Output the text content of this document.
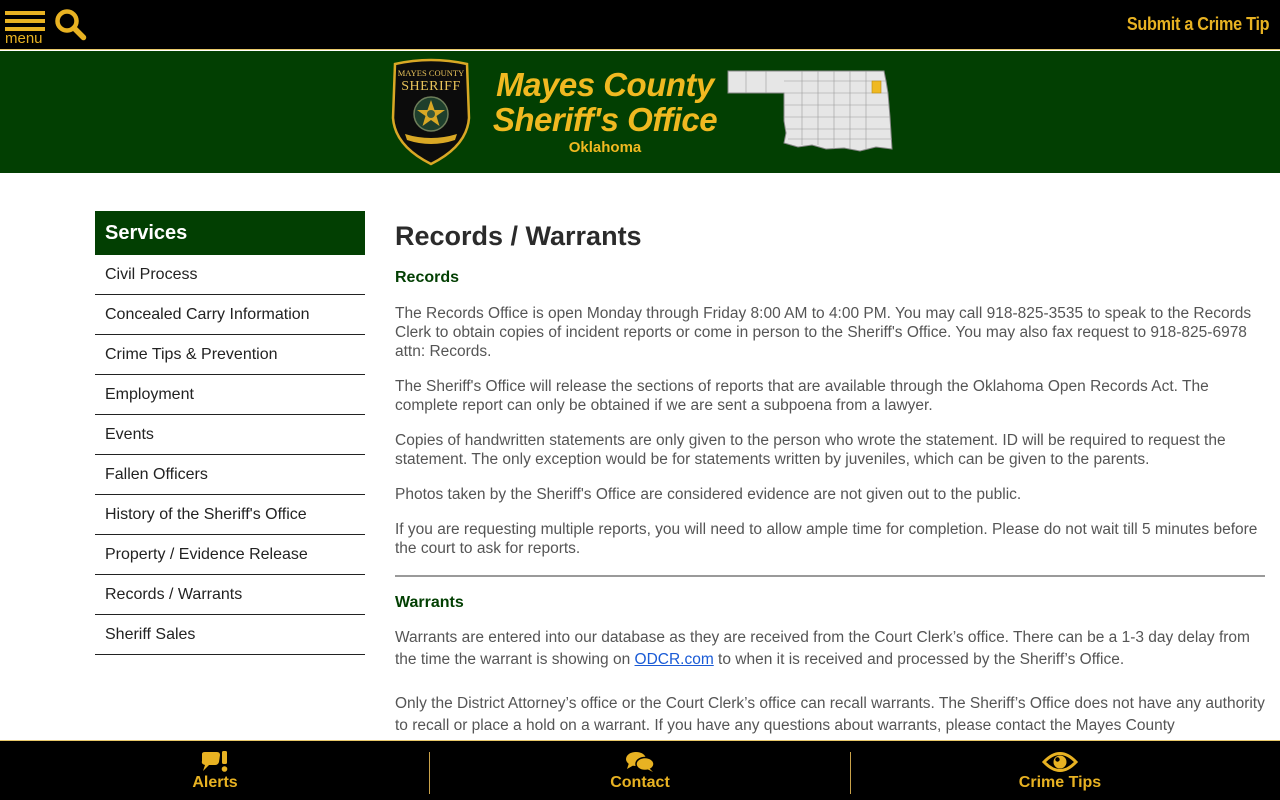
menu
Submit a Crime Tip
MAYES COUNTY
SHERIFF	Mayes County
Sheriff's Office
Oklahoma
Services
Civil Process
Concealed Carry Information
Crime Tips & Prevention
Employment
Events
Fallen Officers
History of the Sheriff's Office
Property / Evidence Release
Records / Warrants
Sheriff Sales
Records / Warrants
Records

The Records Office is open Monday through Friday 8:00 AM to 4:00 PM. You may call 918-825-3535 to speak to the Records Clerk to obtain copies of incident reports or come in person to the Sheriff's Office. You may also fax request to 918-825-6978 attn: Records.

The Sheriff's Office will release the sections of reports that are available through the Oklahoma Open Records Act. The complete report can only be obtained if we are sent a subpoena from a lawyer.

Copies of handwritten statements are only given to the person who wrote the statement. ID will be required to request the statement. The only exception would be for statements written by juveniles, which can be given to the parents.

Photos taken by the Sheriff's Office are considered evidence are not given out to the public.

If you are requesting multiple reports, you will need to allow ample time for completion. Please do not wait till 5 minutes before the court to ask for reports.

Warrants

Warrants are entered into our database as they are received from the Court Clerk’s office. There can be a 1-3 day delay from the time the warrant is showing on ODCR.com to when it is received and processed by the Sheriff’s Office.

Only the District Attorney’s office or the Court Clerk’s office can recall warrants. The Sheriff’s Office does not have any authority to recall or place a hold on a warrant. If you have any questions about warrants, please contact the Mayes County

Alerts	Contact	Crime Tips
